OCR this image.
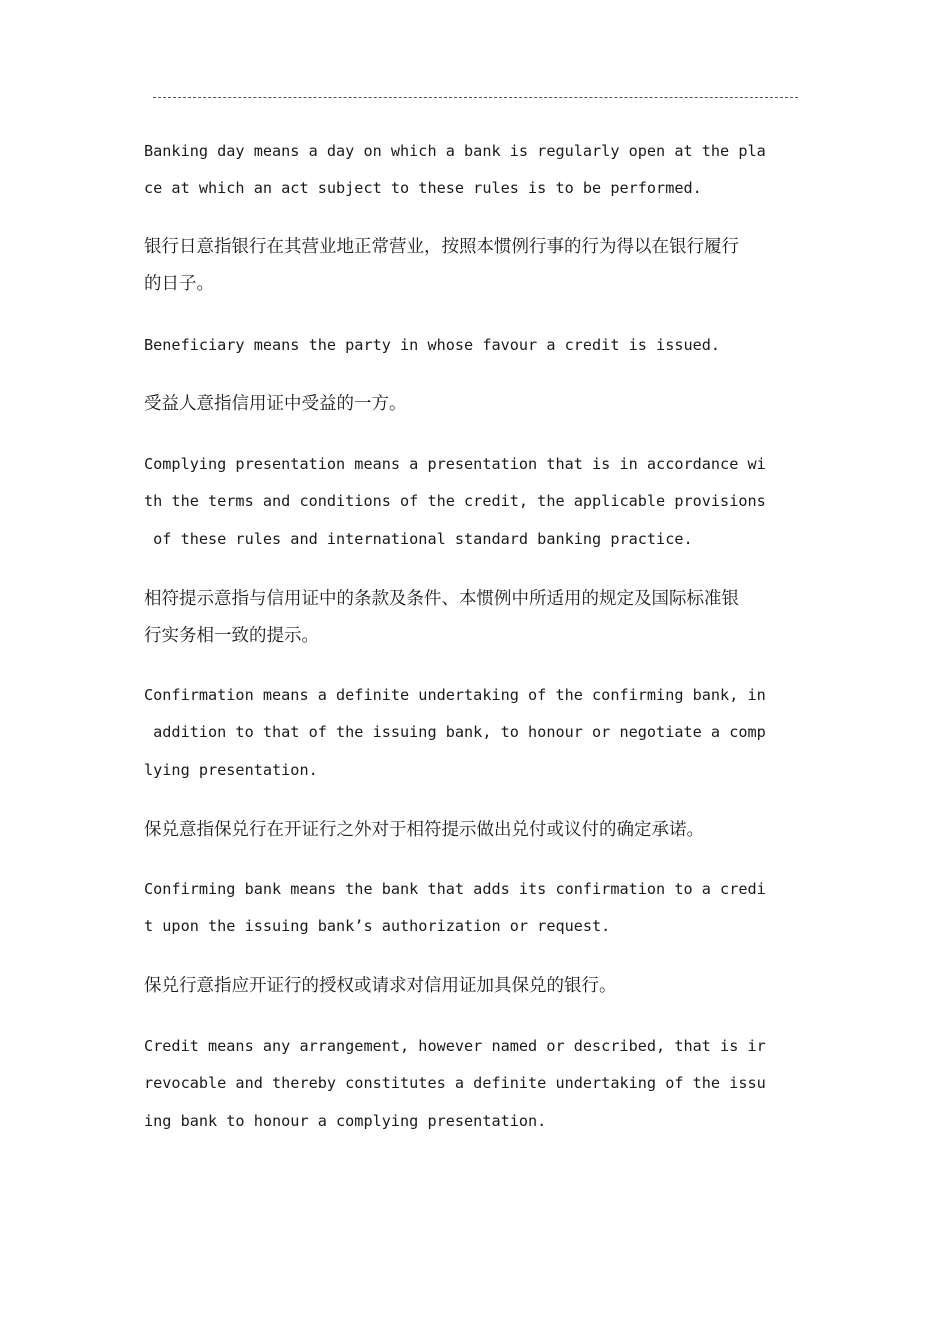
Banking day means a day on which a bank is regularly open at the pla
ce at which an act subject to these rules is to be performed.
银行日意指银行在其营业地正常营业，按照本惯例行事的行为得以在银行履行
的日子。
Beneficiary means the party in whose favour a credit is issued.
受益人意指信用证中受益的一方。
Complying presentation means a presentation that is in accordance wi
th the terms and conditions of the credit, the applicable provisions
of these rules and international standard banking practice.
相符提示意指与信用证中的条款及条件、本惯例中所适用的规定及国际标准银
行实务相一致的提示。
Confirmation means a definite undertaking of the confirming bank, in
addition to that of the issuing bank, to honour or negotiate a comp
lying presentation.
保兑意指保兑行在开证行之外对于相符提示做出兑付或议付的确定承诺。
Confirming bank means the bank that adds its confirmation to a credi
t upon the issuing bank’s authorization or request.
保兑行意指应开证行的授权或请求对信用证加具保兑的银行。
Credit means any arrangement, however named or described, that is ir
revocable and thereby constitutes a definite undertaking of the issu
ing bank to honour a complying presentation.
